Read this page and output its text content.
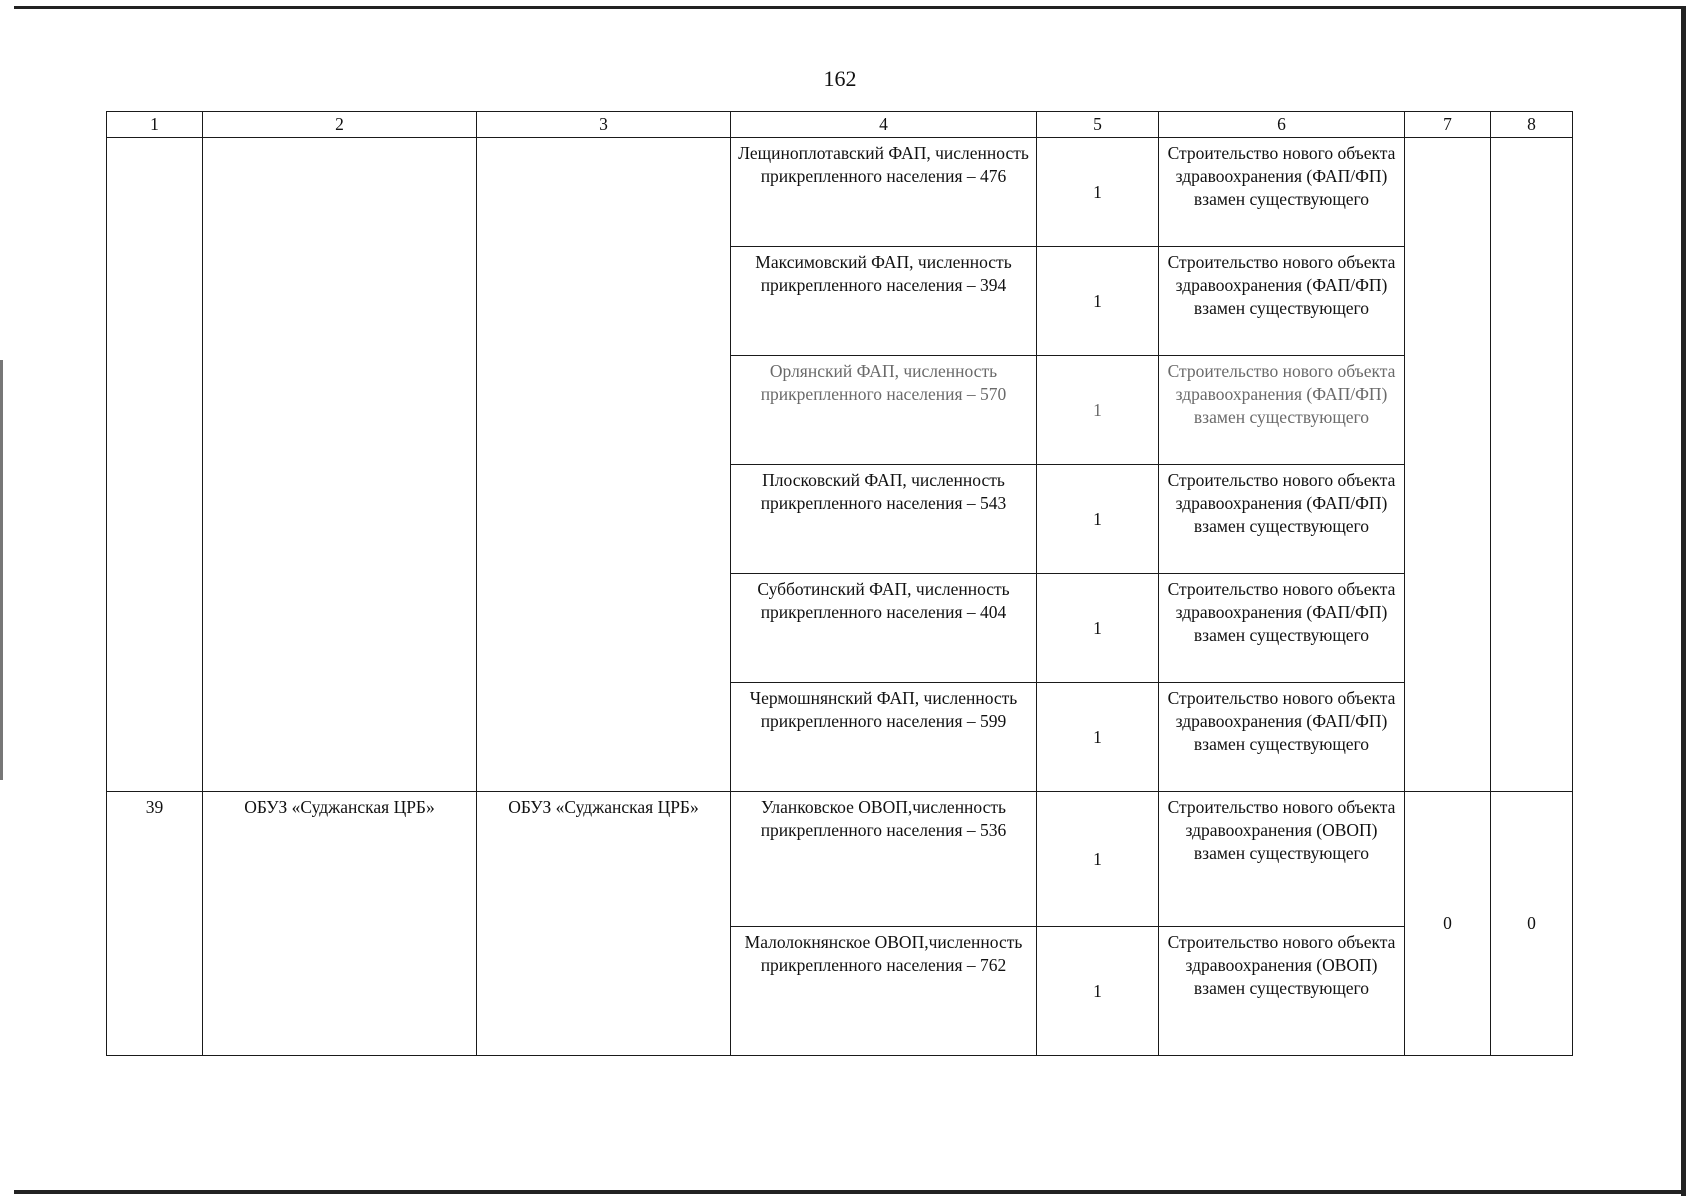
162
1	2	3	4	5	6	7	8
			Лещиноплотавский ФАП, численность прикрепленного населения – 476	1	Строительство нового объекта здравоохранения (ФАП/ФП) взамен существующего		
			Максимовский ФАП, численность прикрепленного населения – 394	1	Строительство нового объекта здравоохранения (ФАП/ФП) взамен существующего		
			Орлянский ФАП, численность прикрепленного населения – 570	1	Строительство нового объекта здравоохранения (ФАП/ФП) взамен существующего		
			Плосковский ФАП, численность прикрепленного населения – 543	1	Строительство нового объекта здравоохранения (ФАП/ФП) взамен существующего		
			Субботинский ФАП, численность прикрепленного населения – 404	1	Строительство нового объекта здравоохранения (ФАП/ФП) взамен существующего		
			Чермошнянский ФАП, численность прикрепленного населения – 599	1	Строительство нового объекта здравоохранения (ФАП/ФП) взамен существующего		
39	ОБУЗ «Суджанская ЦРБ»	ОБУЗ «Суджанская ЦРБ»	Уланковское ОВОП,численность прикрепленного населения – 536	1	Строительство нового объекта здравоохранения (ОВОП) взамен существующего	0	0
			Малолокнянское ОВОП,численность прикрепленного населения – 762	1	Строительство нового объекта здравоохранения (ОВОП) взамен существующего		
